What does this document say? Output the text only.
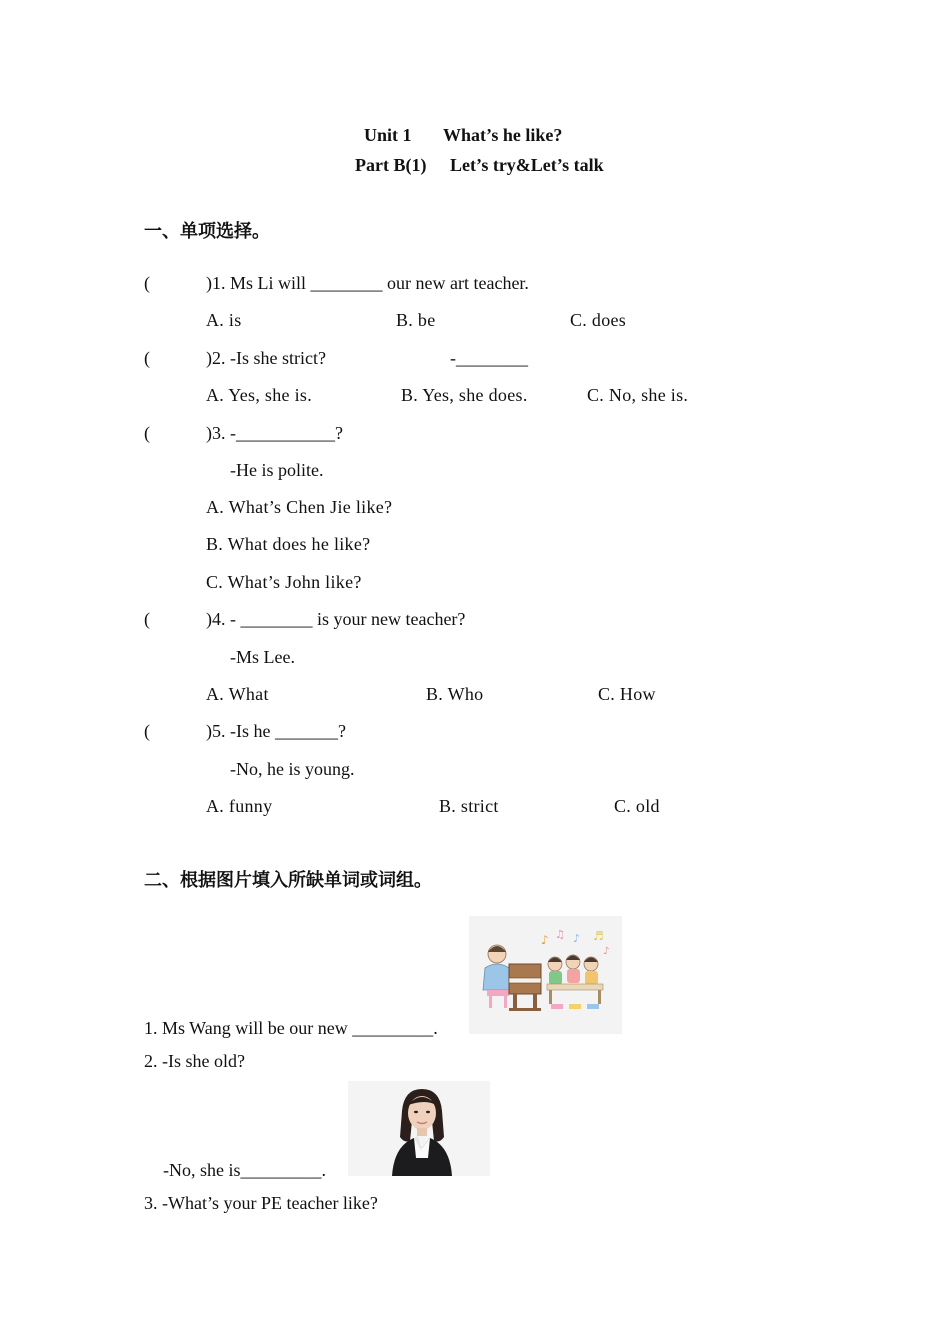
Unit 1 What’s he like?
Part B(1) Let’s try&Let’s talk
一、单项选择。
(	)1. Ms Li will ________ our new art teacher.
A. is	B. be	C. does
(	)2. -Is she strict?	-________
A. Yes, she is.	B. Yes, she does.	C. No, she is.
(	)3. -___________?
-He is polite.
A. What’s Chen Jie like?
B. What does he like?
C. What’s John like?
(	)4. - ________ is your new teacher?
-Ms Lee.
A. What	B. Who	C. How
(	)5. -Is he _______?
-No, he is young.
A. funny	B. strict	C. old
二、根据图片填入所缺单词或词组。
♪ ♫ ♪ ♬
♪
1. Ms Wang will be our new _________.
2. -Is she old?
-No, she is_________.
3. -What’s your PE teacher like?
